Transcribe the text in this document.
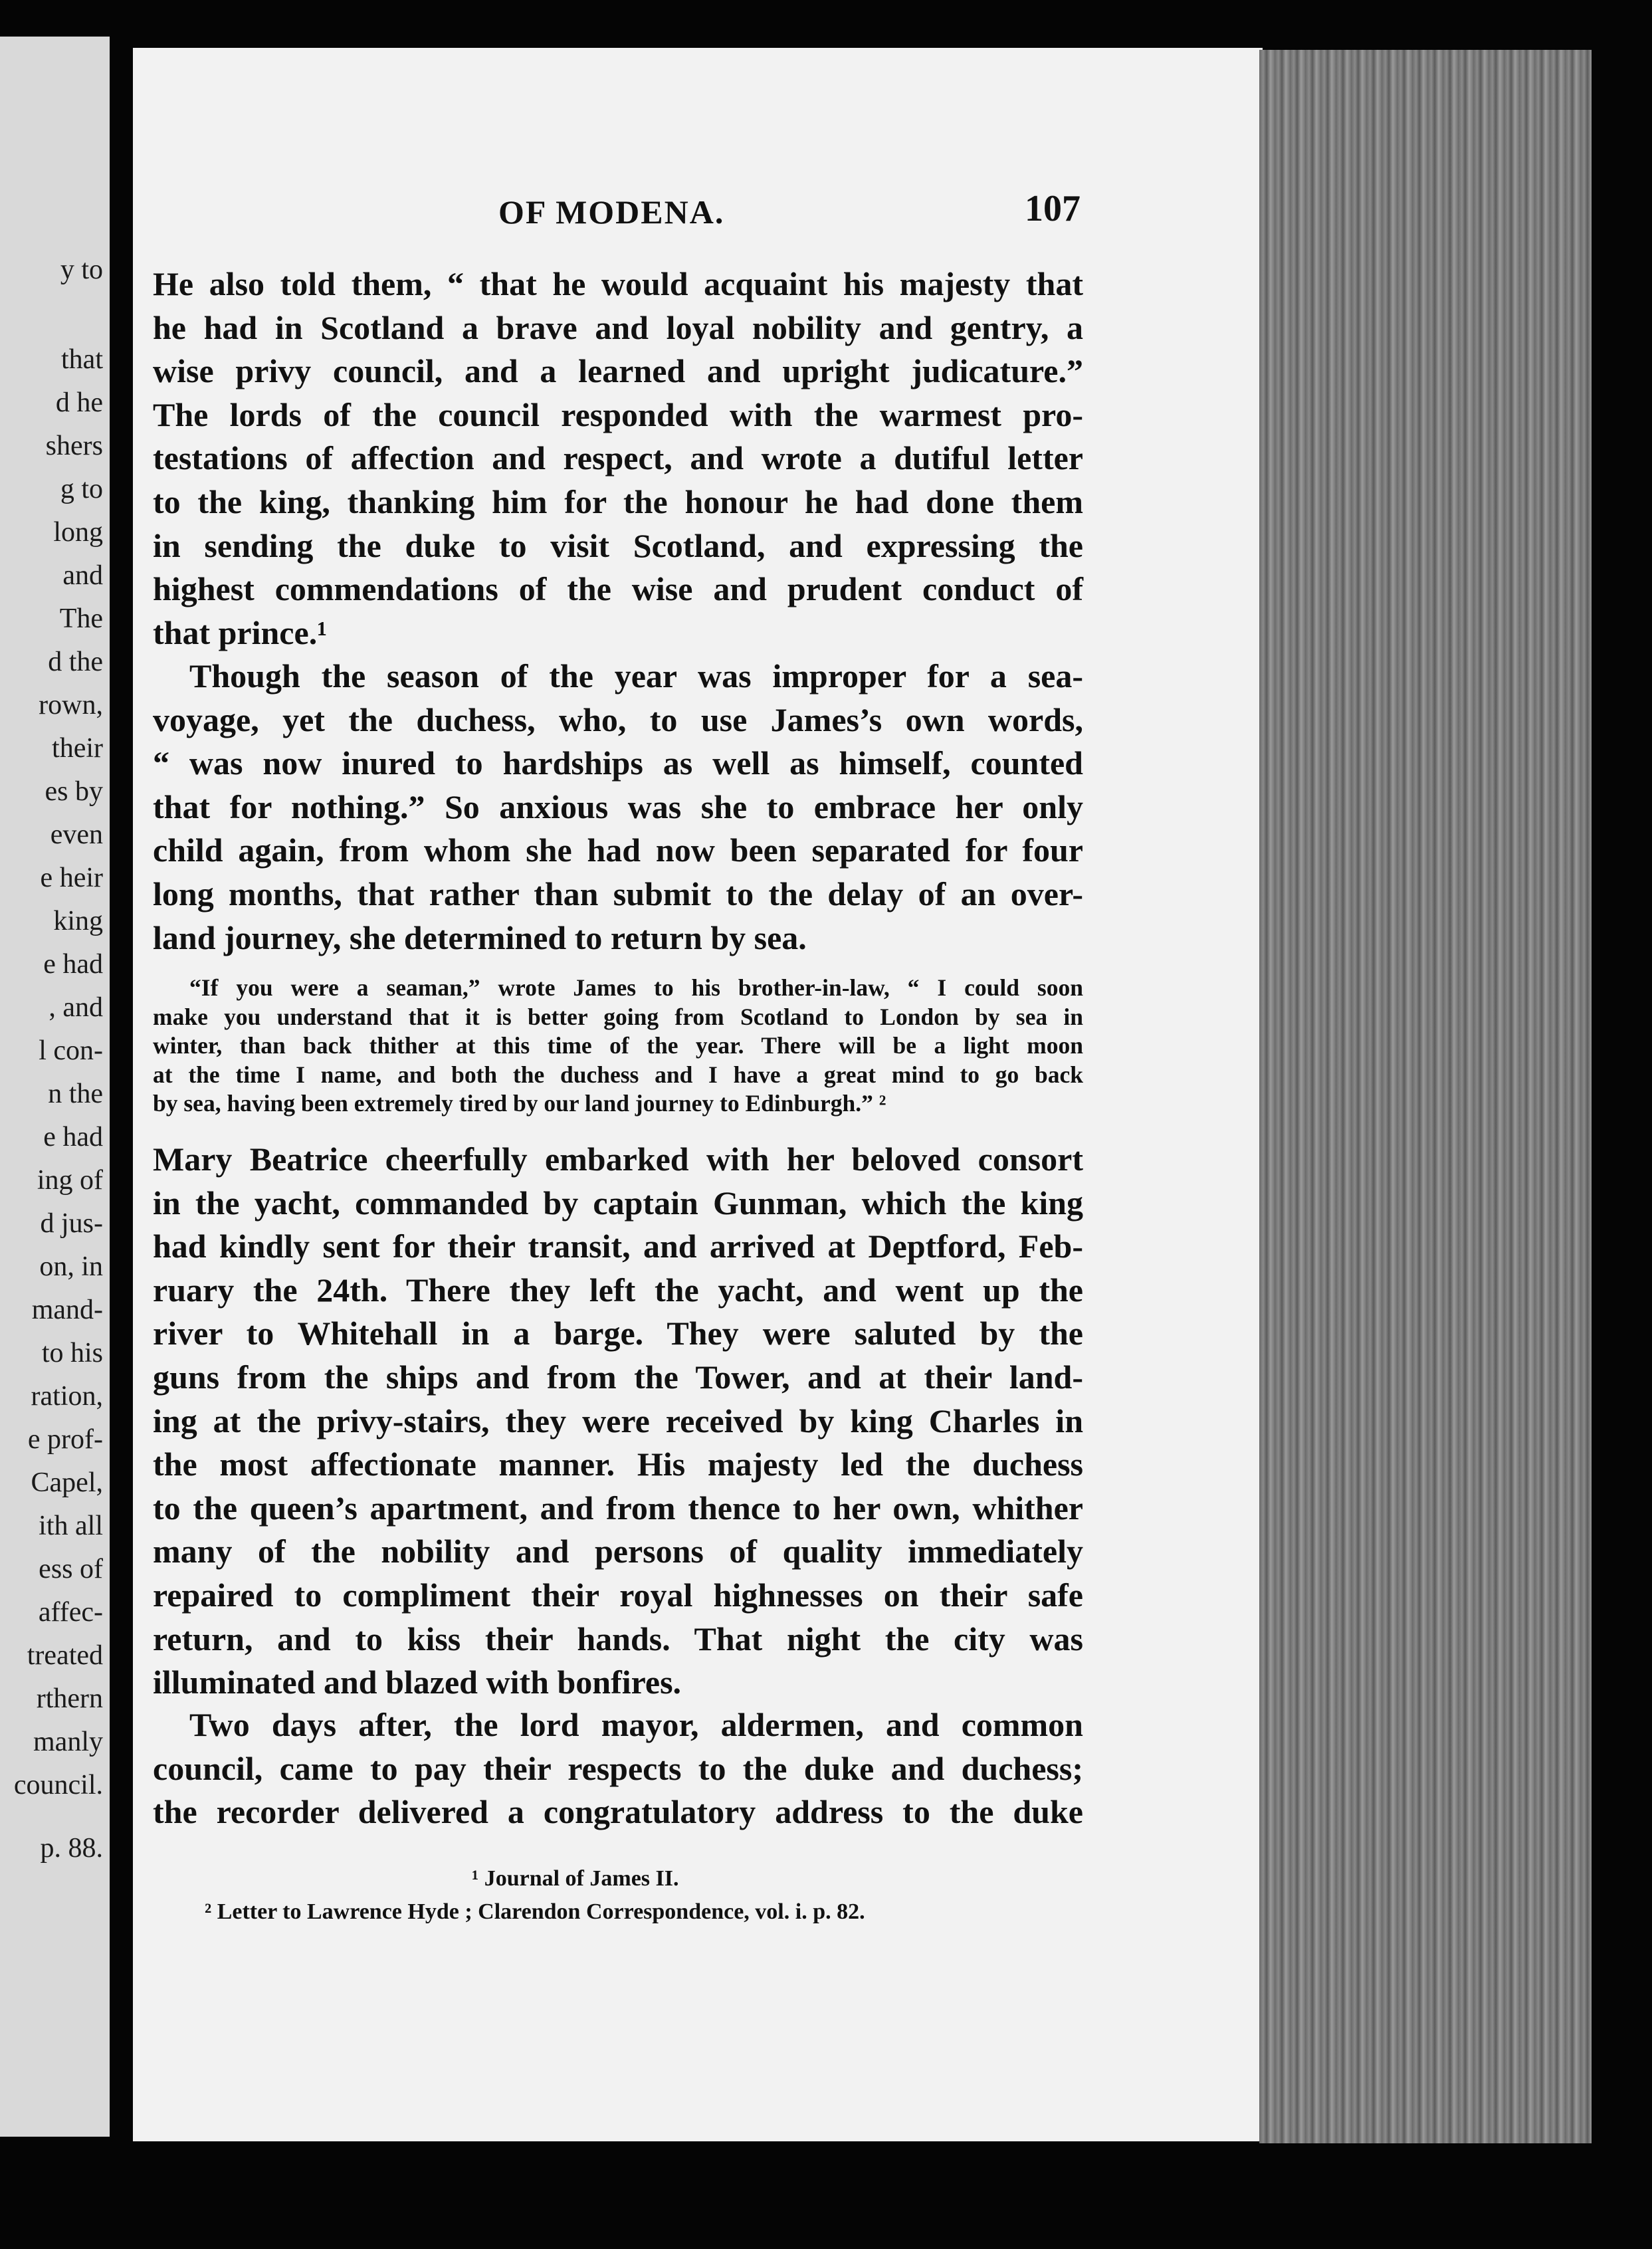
y to
that
d he
shers
g to
long
and
The
d the
rown,
their
es by
even
e heir
king
e had
, and
l con-
n the
e had
ing of
d jus-
on, in
mand-
to his
ration,
e prof-
Capel,
ith all
ess of
affec-
treated
rthern
manly
council.
p. 88.
OF MODENA.	107
He also told them, “ that he would acquaint his majesty that
he had in Scotland a brave and loyal nobility and gentry, a
wise privy council, and a learned and upright judicature.”
The lords of the council responded with the warmest pro-
testations of affection and respect, and wrote a dutiful letter
to the king, thanking him for the honour he had done them
in sending the duke to visit Scotland, and expressing the
highest commendations of the wise and prudent conduct of
that prince.¹
Though the season of the year was improper for a sea-
voyage, yet the duchess, who, to use James’s own words,
“ was now inured to hardships as well as himself, counted
that for nothing.” So anxious was she to embrace her only
child again, from whom she had now been separated for four
long months, that rather than submit to the delay of an over-
land journey, she determined to return by sea.
“If you were a seaman,” wrote James to his brother-in-law, “ I could soon
make you understand that it is better going from Scotland to London by sea in
winter, than back thither at this time of the year. There will be a light moon
at the time I name, and both the duchess and I have a great mind to go back
by sea, having been extremely tired by our land journey to Edinburgh.” ²
Mary Beatrice cheerfully embarked with her beloved consort
in the yacht, commanded by captain Gunman, which the king
had kindly sent for their transit, and arrived at Deptford, Feb-
ruary the 24th. There they left the yacht, and went up the
river to Whitehall in a barge. They were saluted by the
guns from the ships and from the Tower, and at their land-
ing at the privy-stairs, they were received by king Charles in
the most affectionate manner. His majesty led the duchess
to the queen’s apartment, and from thence to her own, whither
many of the nobility and persons of quality immediately
repaired to compliment their royal highnesses on their safe
return, and to kiss their hands. That night the city was
illuminated and blazed with bonfires.
Two days after, the lord mayor, aldermen, and common
council, came to pay their respects to the duke and duchess;
the recorder delivered a congratulatory address to the duke
¹ Journal of James II.
² Letter to Lawrence Hyde ; Clarendon Correspondence, vol. i. p. 82.
